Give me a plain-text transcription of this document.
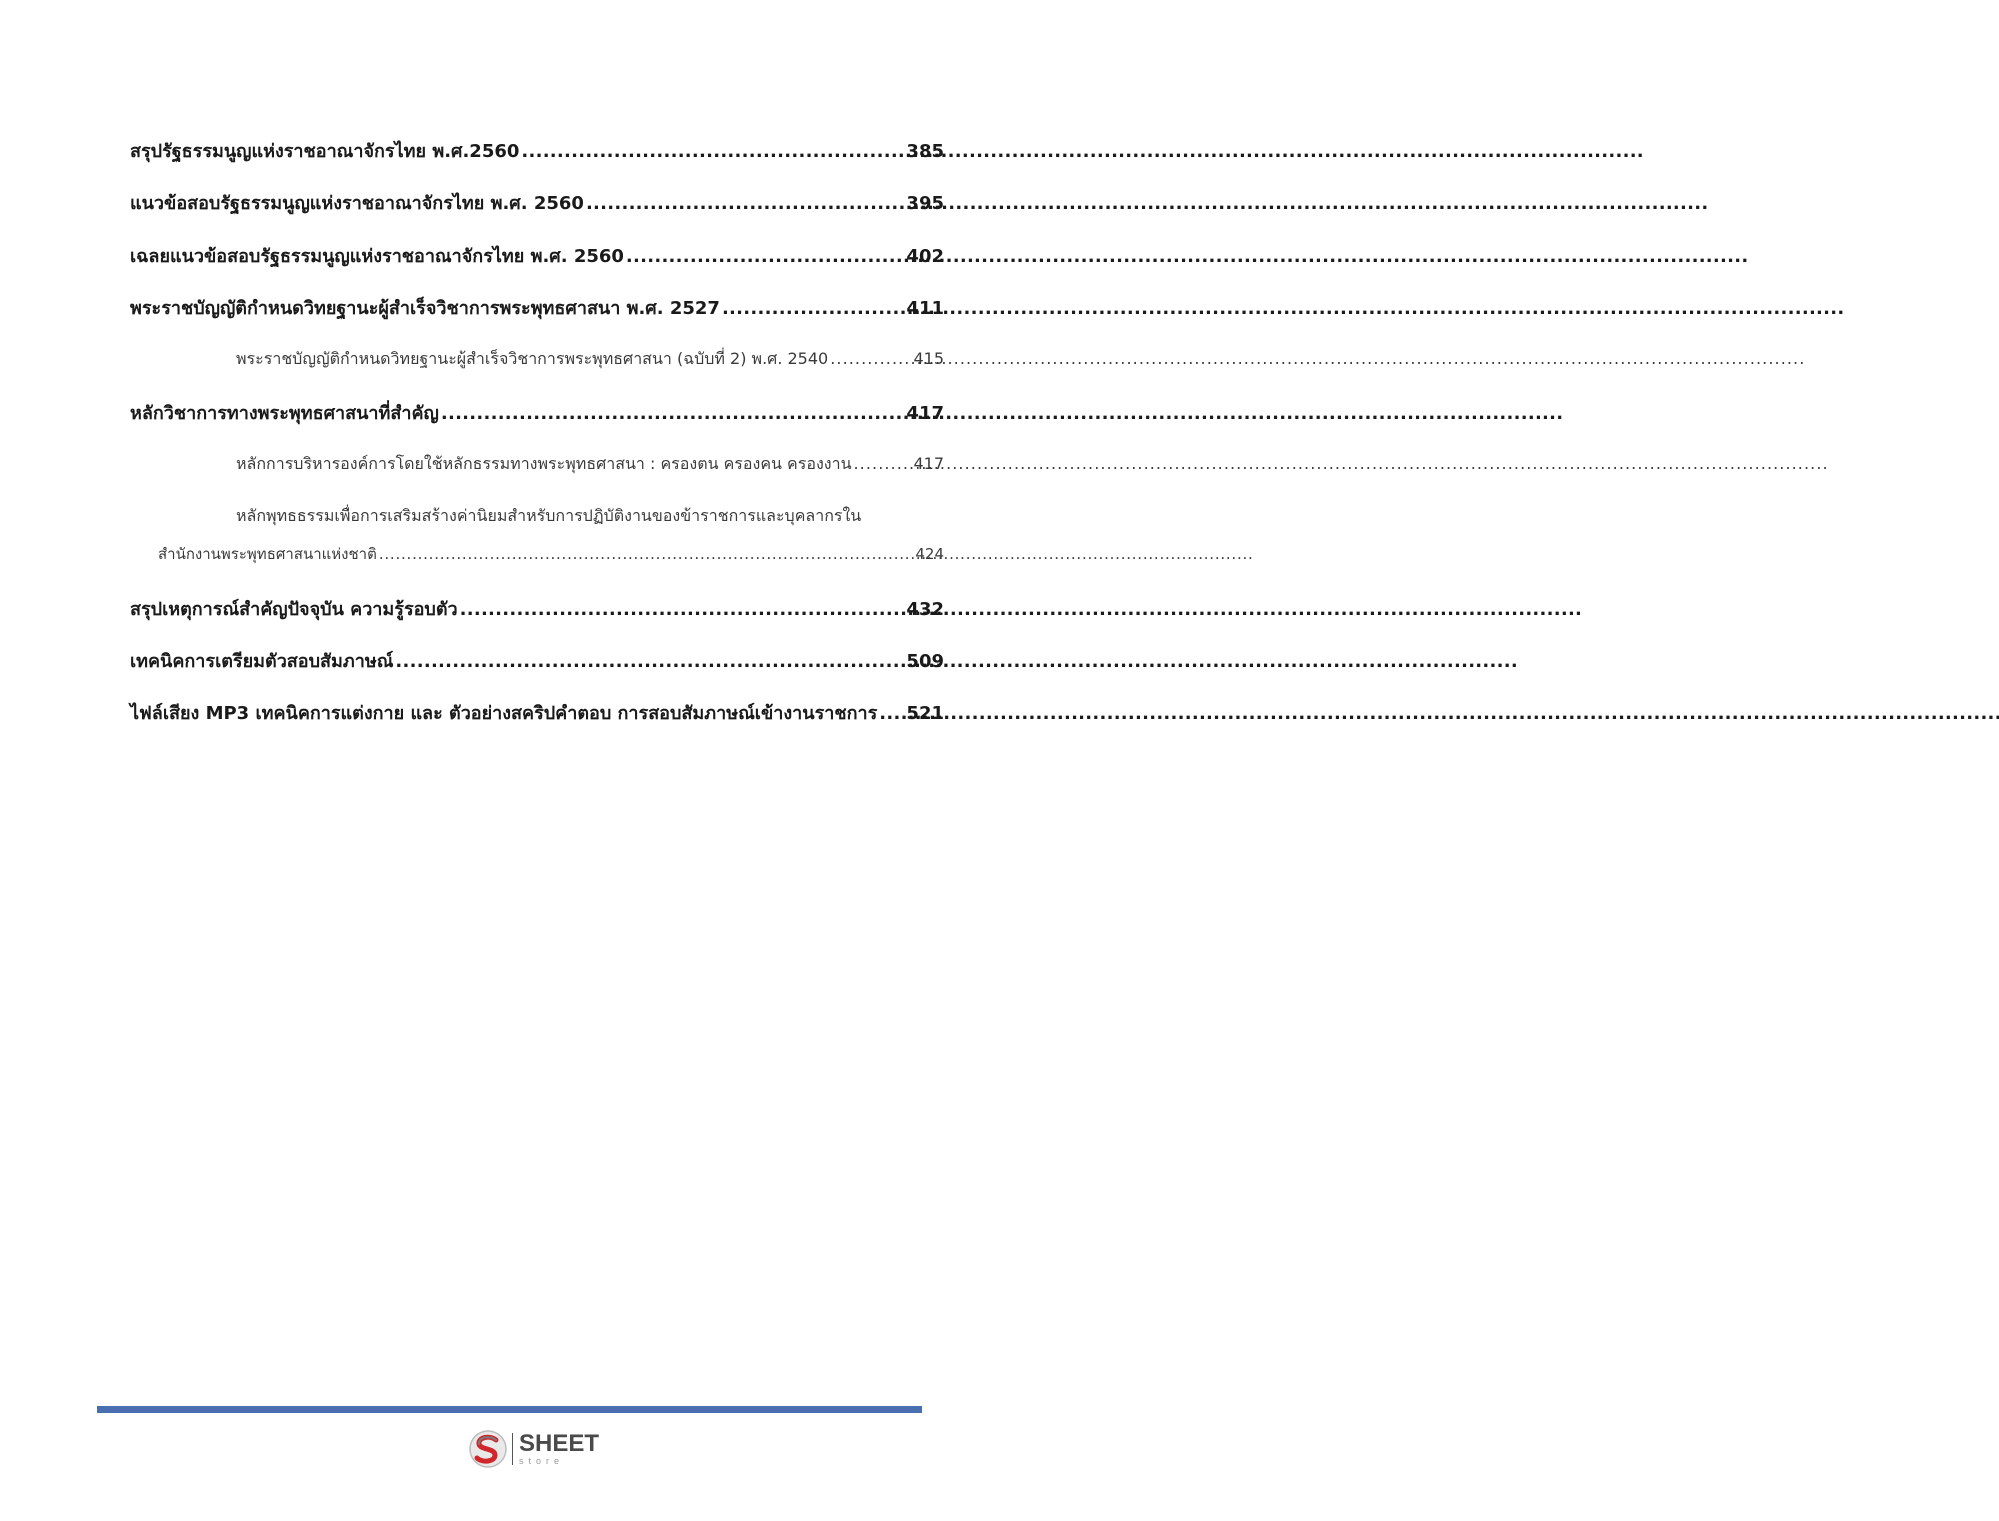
สรุปรัฐธรรมนูญแห่งราชอาณาจักรไทย พ.ศ.2560 . . .	385
แนวข้อสอบรัฐธรรมนูญแห่งราชอาณาจักรไทย พ.ศ. 2560 . . .	395
เฉลยแนวข้อสอบรัฐธรรมนูญแห่งราชอาณาจักรไทย พ.ศ. 2560 . . .	402
พระราชบัญญัติกำหนดวิทยฐานะผู้สำเร็จวิชาการพระพุทธศาสนา พ.ศ. 2527 . . .	411
พระราชบัญญัติกำหนดวิทยฐานะผู้สำเร็จวิชาการพระพุทธศาสนา (ฉบับที่ 2) พ.ศ. 2540 . . .	415
หลักวิชาการทางพระพุทธศาสนาที่สำคัญ . . .	417
หลักการบริหารองค์การโดยใช้หลักธรรมทางพระพุทธศาสนา : ครองตน ครองคน ครองงาน . . .	417
หลักพุทธธรรมเพื่อการเสริมสร้างค่านิยมสำหรับการปฏิบัติงานของข้าราชการและบุคลากรใน
สำนักงานพระพุทธศาสนาแห่งชาติ . . .	424
สรุปเหตุการณ์สำคัญปัจจุบัน ความรู้รอบตัว . . .	432
เทคนิคการเตรียมตัวสอบสัมภาษณ์ . . .	509
ไฟล์เสียง MP3 เทคนิคการแต่งกาย และ ตัวอย่างสคริปคำตอบ การสอบสัมภาษณ์เข้างานราชการ . . . 521
SHEET
store
